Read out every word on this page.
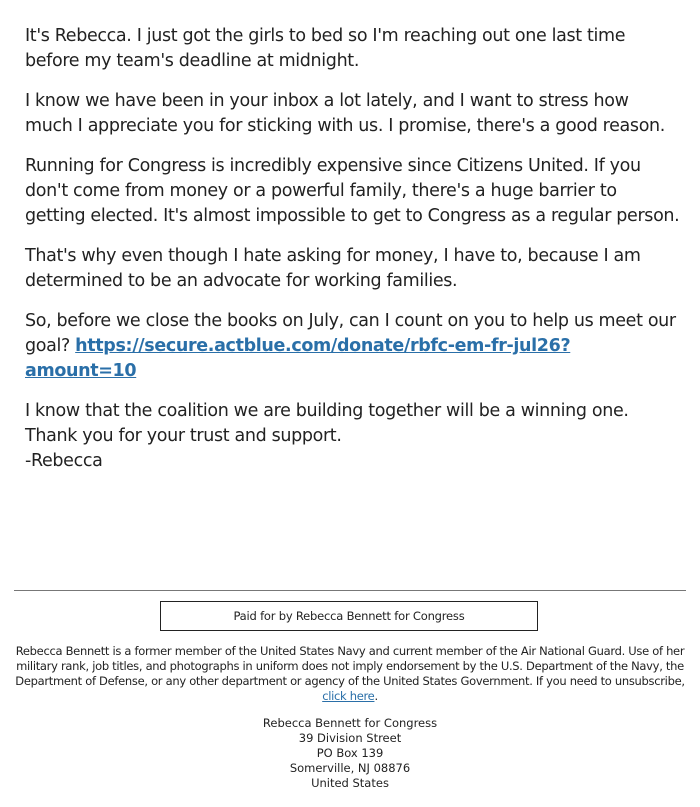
It's Rebecca. I just got the girls to bed so I'm reaching out one last time before my team's deadline at midnight.

I know we have been in your inbox a lot lately, and I want to stress how much I appreciate you for sticking with us. I promise, there's a good reason.

Running for Congress is incredibly expensive since Citizens United. If you don't come from money or a powerful family, there's a huge barrier to getting elected. It's almost impossible to get to Congress as a regular person.

That's why even though I hate asking for money, I have to, because I am determined to be an advocate for working families.

So, before we close the books on July, can I count on you to help us meet our goal? https://secure.actblue.com/donate/rbfc-em-fr-jul26?amount=10

I know that the coalition we are building together will be a winning one.
Thank you for your trust and support.
-Rebecca

Paid for by Rebecca Bennett for Congress
Rebecca Bennett is a former member of the United States Navy and current member of the Air National Guard. Use of her military rank, job titles, and photographs in uniform does not imply endorsement by the U.S. Department of the Navy, the Department of Defense, or any other department or agency of the United States Government. If you need to unsubscribe, click here.
Rebecca Bennett for Congress
39 Division Street
PO Box 139
Somerville, NJ 08876
United States
